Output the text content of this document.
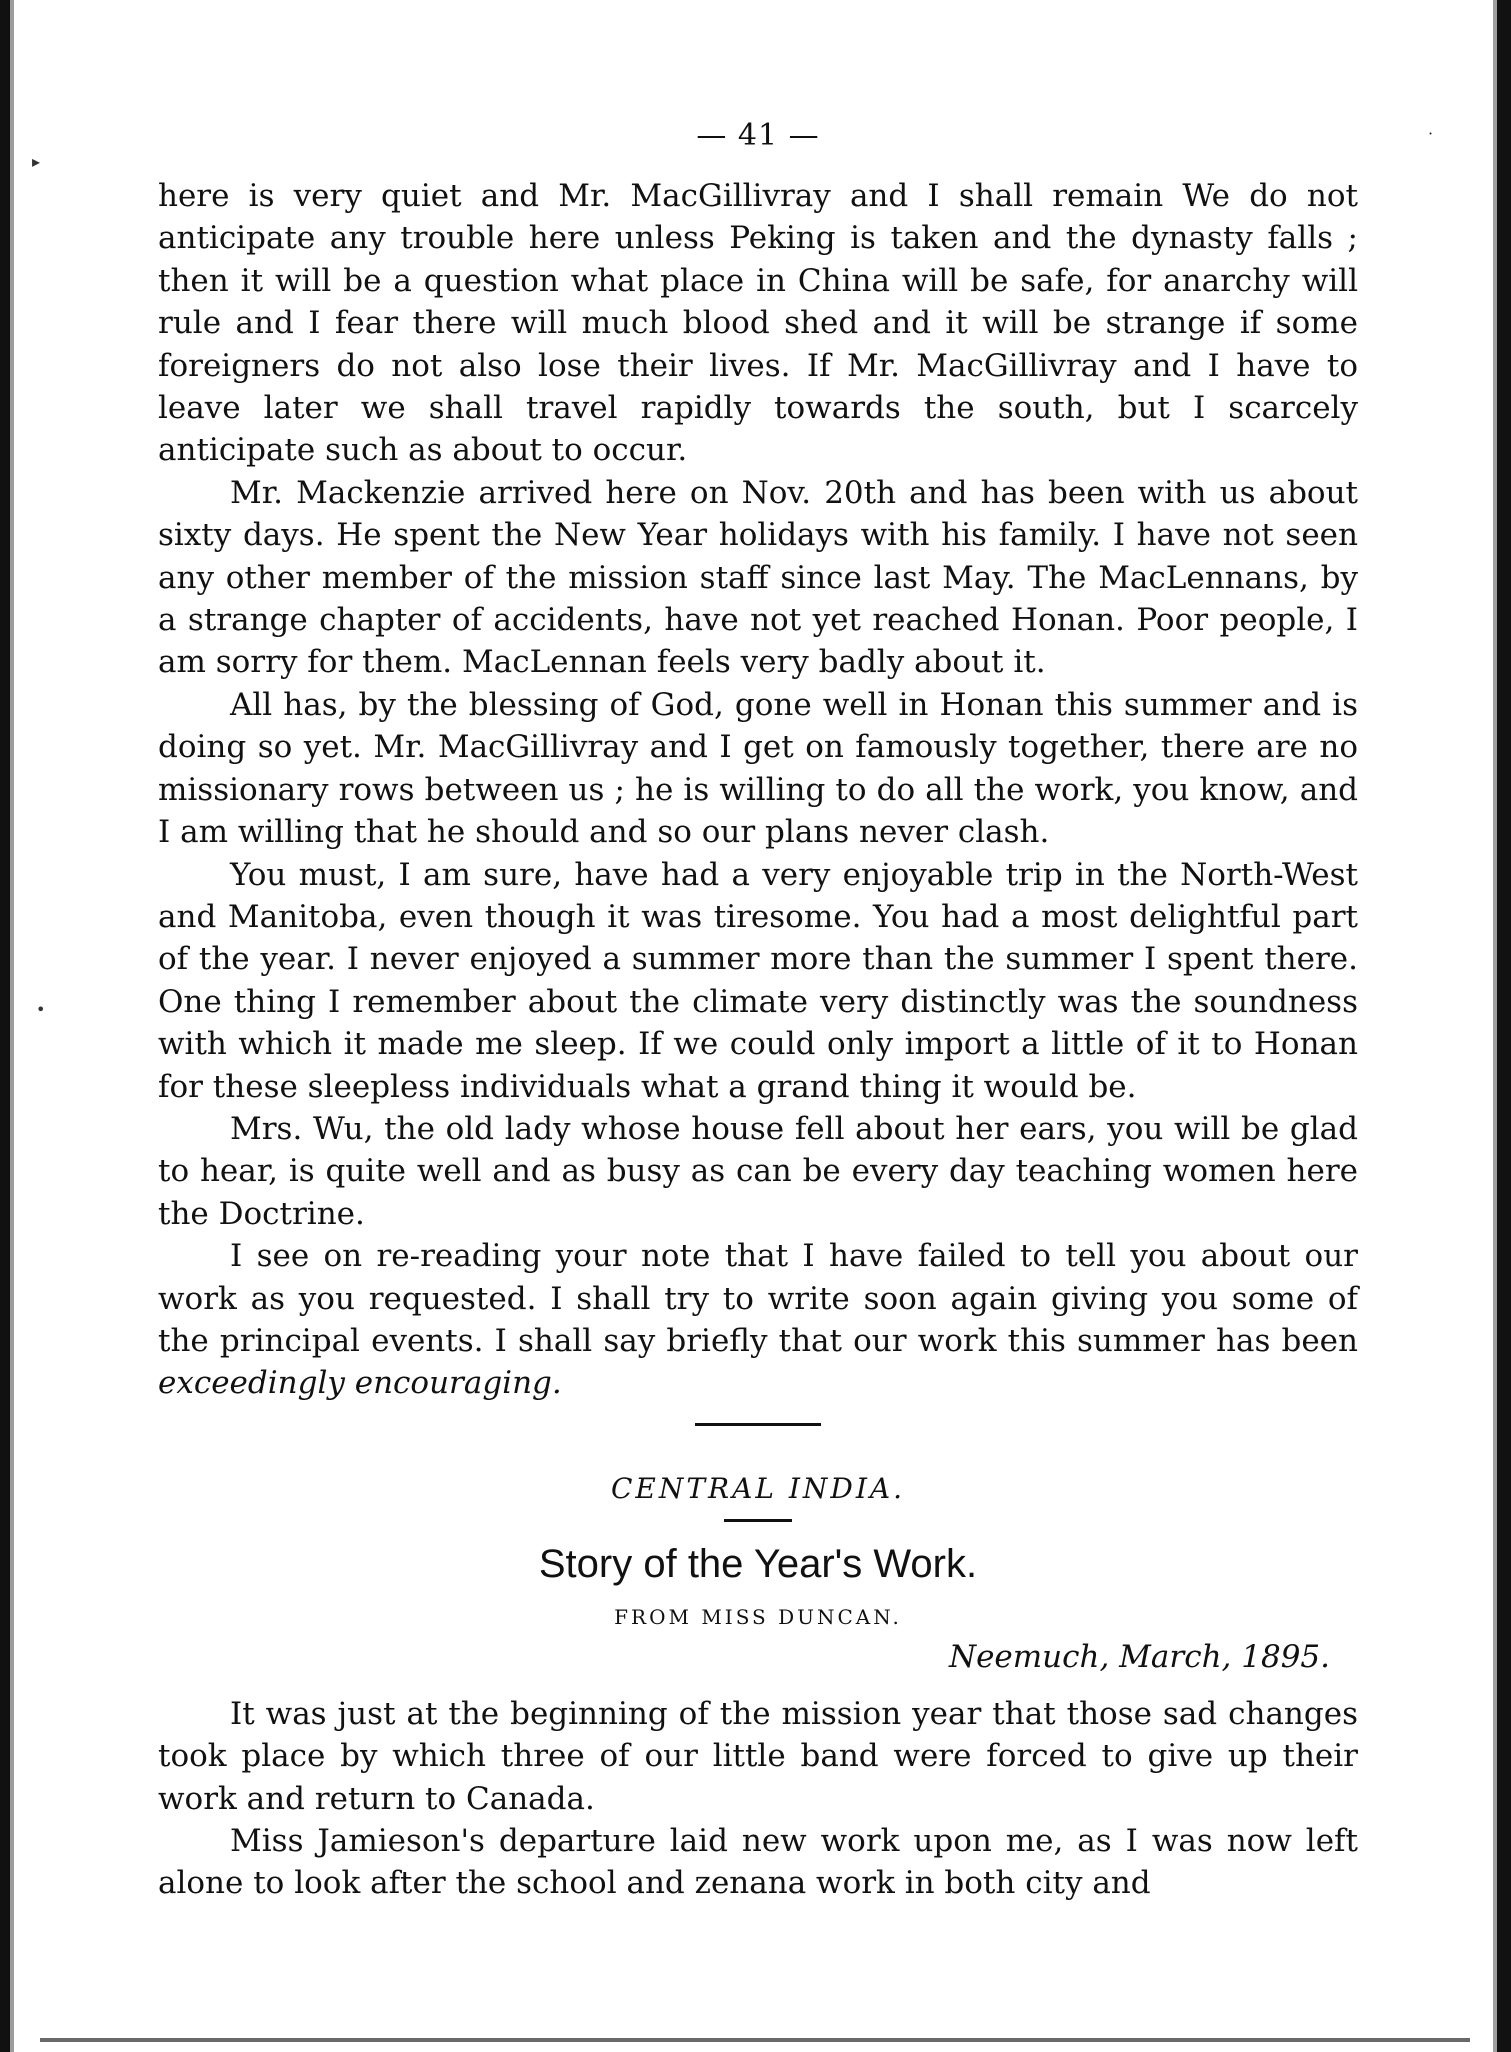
▸
•
·
— 41 —

here is very quiet and Mr. MacGillivray and I shall remain We do not anticipate any trouble here unless Peking is taken and the dynasty falls ; then it will be a question what place in China will be safe, for anarchy will rule and I fear there will much blood shed and it will be strange if some foreigners do not also lose their lives. If Mr. MacGillivray and I have to leave later we shall travel rapidly towards the south, but I scarcely anticipate such as about to occur.

Mr. Mackenzie arrived here on Nov. 20th and has been with us about sixty days. He spent the New Year holidays with his family. I have not seen any other member of the mission staff since last May. The MacLennans, by a strange chapter of accidents, have not yet reached Honan. Poor people, I am sorry for them. MacLennan feels very badly about it.

All has, by the blessing of God, gone well in Honan this summer and is doing so yet. Mr. MacGillivray and I get on famously together, there are no missionary rows between us ; he is willing to do all the work, you know, and I am willing that he should and so our plans never clash.

You must, I am sure, have had a very enjoyable trip in the North-West and Manitoba, even though it was tiresome. You had a most delightful part of the year. I never enjoyed a summer more than the summer I spent there. One thing I remember about the climate very distinctly was the soundness with which it made me sleep. If we could only import a little of it to Honan for these sleepless individuals what a grand thing it would be.

Mrs. Wu, the old lady whose house fell about her ears, you will be glad to hear, is quite well and as busy as can be every day teaching women here the Doctrine.

I see on re-reading your note that I have failed to tell you about our work as you requested. I shall try to write soon again giving you some of the principal events. I shall say briefly that our work this summer has been exceedingly encouraging.

CENTRAL INDIA.
Story of the Year's Work.
FROM MISS DUNCAN.
Neemuch, March, 1895.

It was just at the beginning of the mission year that those sad changes took place by which three of our little band were forced to give up their work and return to Canada.

Miss Jamieson's departure laid new work upon me, as I was now left alone to look after the school and zenana work in both city and
